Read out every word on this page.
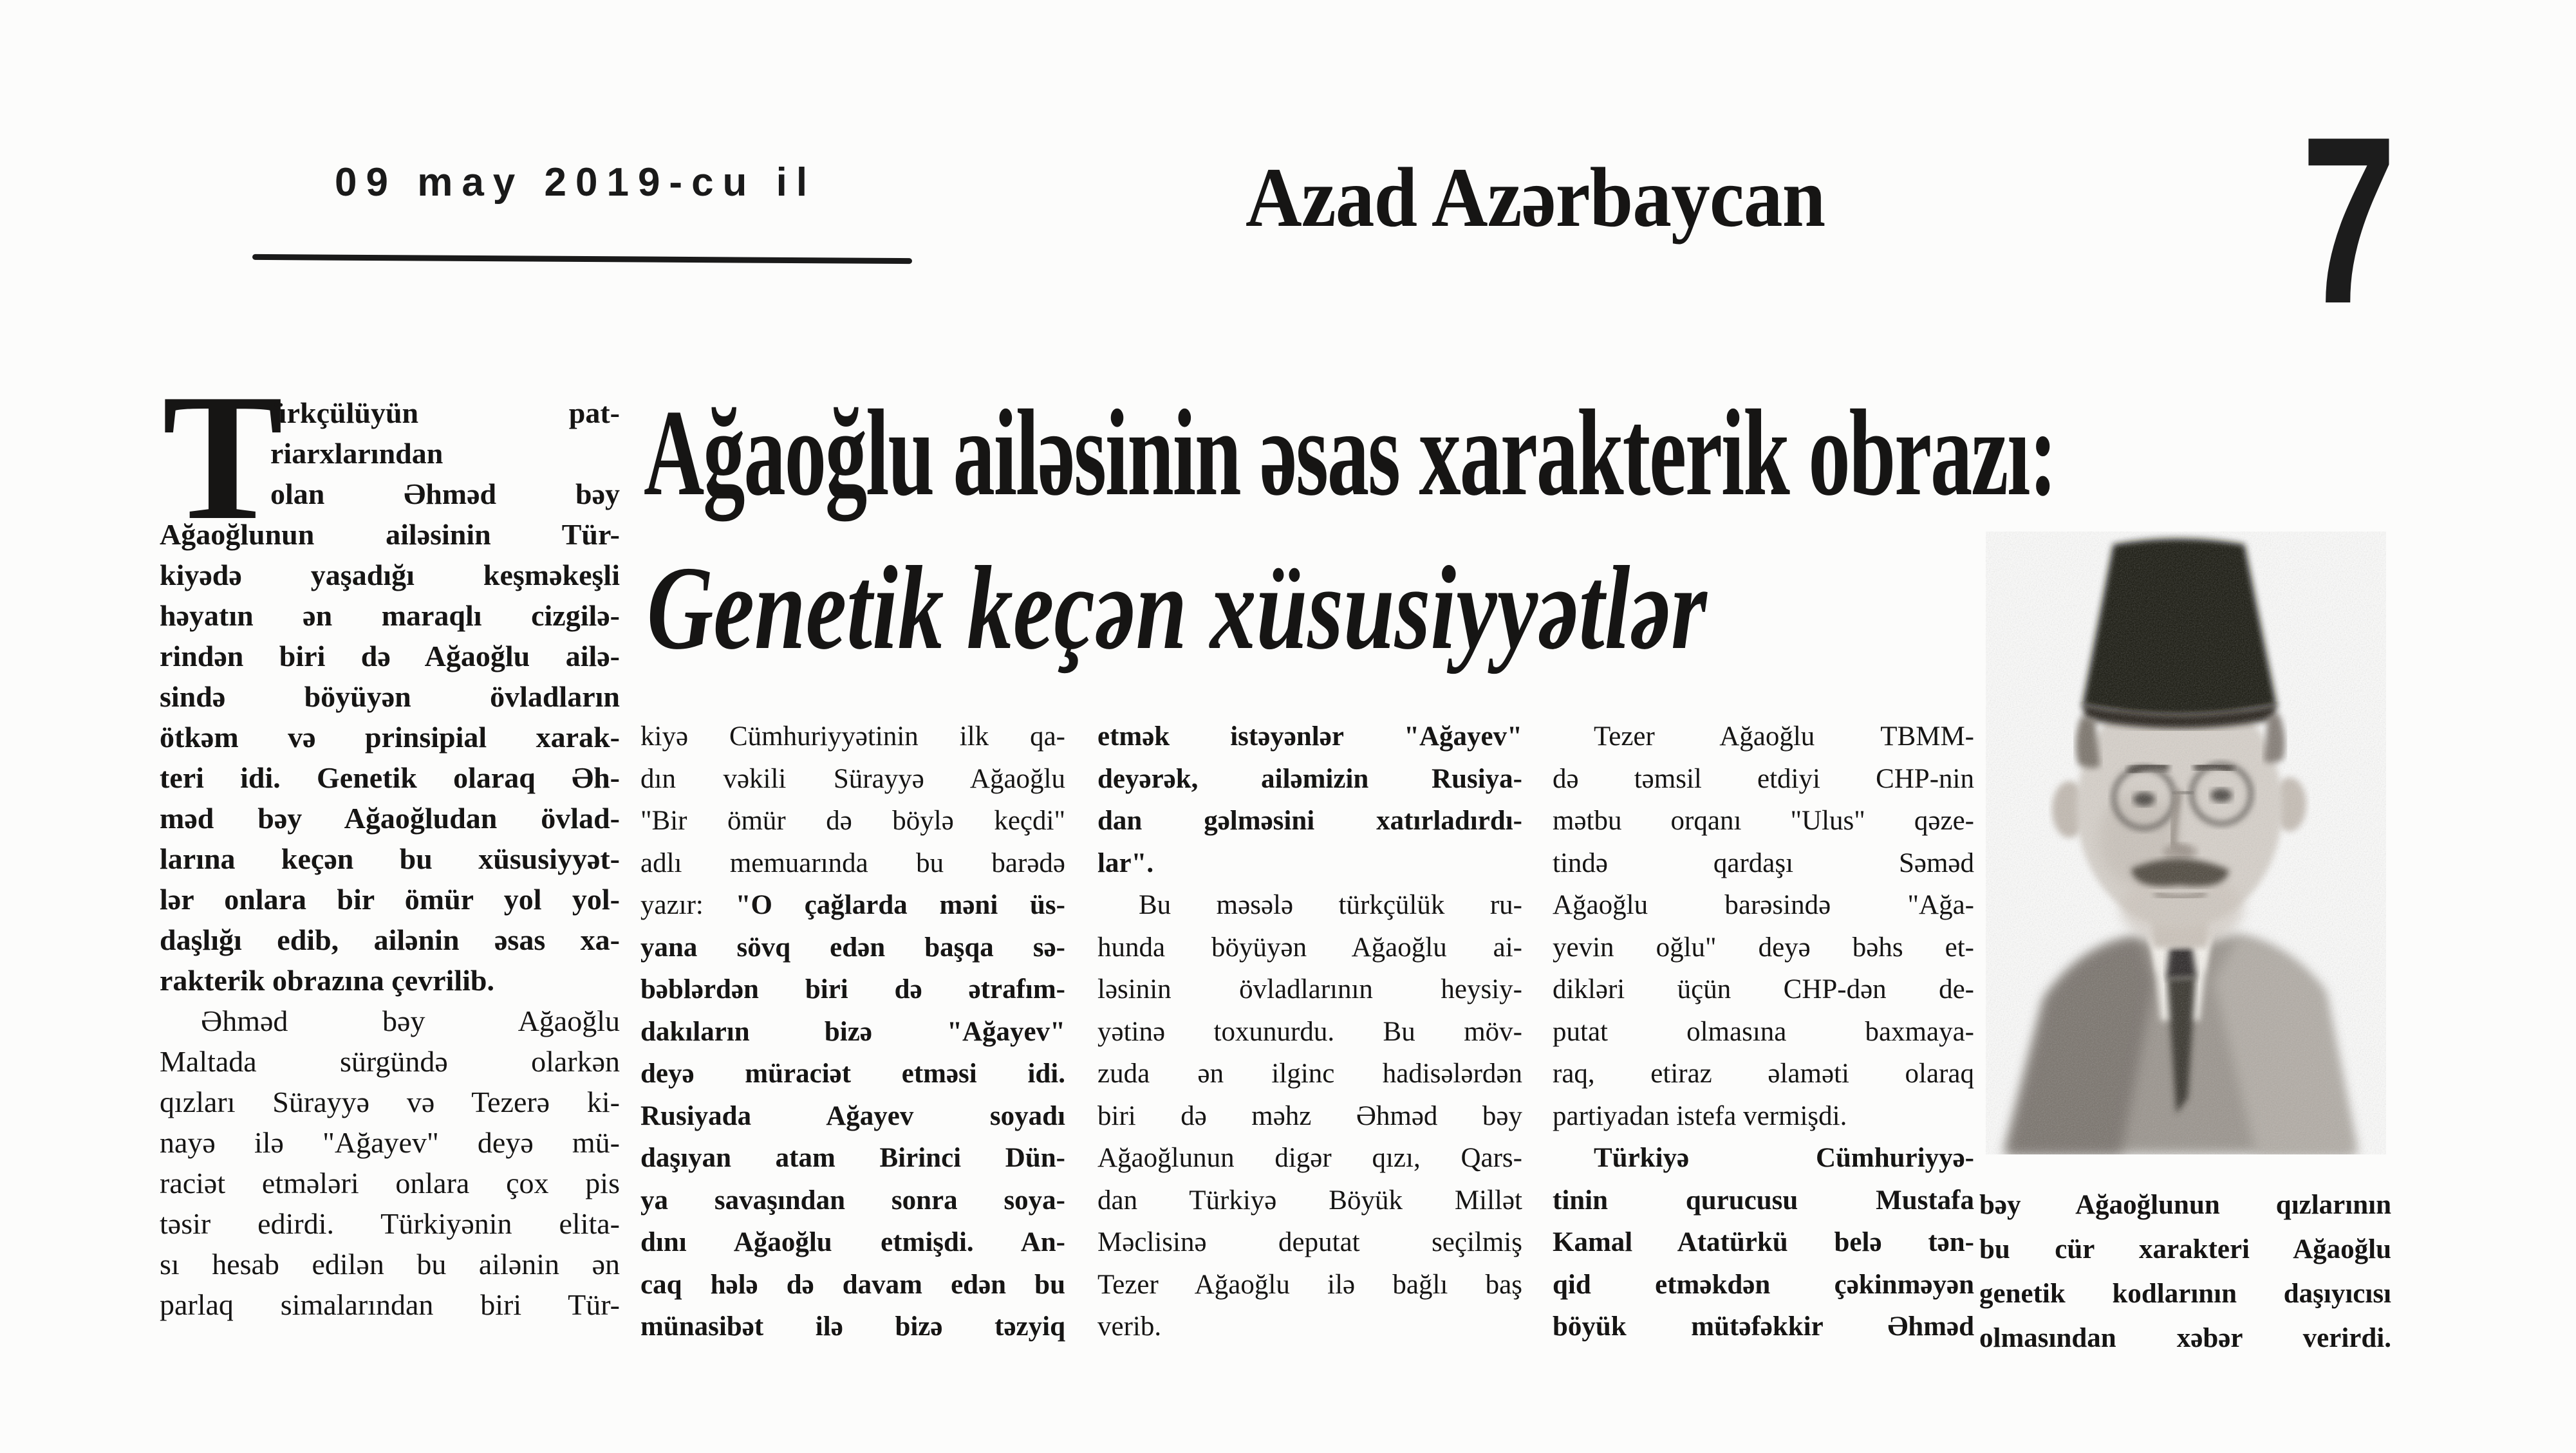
09 may 2019-cu il	Azad Azərbaycan 7
Ağaoğlu ailəsinin əsas xarakterik obrazı:
Genetik keçən xüsusiyyətlər
T
ürkçülüyün pat-
riarxlarından
olan Əhməd bəy
Ağaoğlunun ailəsinin Tür-
kiyədə yaşadığı keşməkeşli
həyatın ən maraqlı cizgilə-
rindən biri də Ağaoğlu ailə-
sində böyüyən övladların
ötkəm və prinsipial xarak-
teri idi. Genetik olaraq Əh-
məd bəy Ağaoğludan övlad-
larına keçən bu xüsusiyyət-
lər onlara bir ömür yol yol-
daşlığı edib, ailənin əsas xa-
rakterik obrazına çevrilib.
Əhməd bəy Ağaoğlu
Maltada sürgündə olarkən
qızları Sürayyə və Tezerə ki-
nayə ilə "Ağayev" deyə mü-
raciət etmələri onlara çox pis
təsir edirdi. Türkiyənin elita-
sı hesab edilən bu ailənin ən
parlaq simalarından biri Tür-
kiyə Cümhuriyyətinin ilk qa-
dın vəkili Sürayyə Ağaoğlu
"Bir ömür də böylə keçdi"
adlı memuarında bu barədə
yazır: "O çağlarda məni üs-
yana sövq edən başqa sə-
bəblərdən biri də ətrafım-
dakıların bizə "Ağayev"
deyə müraciət etməsi idi.
Rusiyada Ağayev soyadı
daşıyan atam Birinci Dün-
ya savaşından sonra soya-
dını Ağaoğlu etmişdi. An-
caq hələ də davam edən bu
münasibət ilə bizə təzyiq
etmək istəyənlər "Ağayev"
deyərək, ailəmizin Rusiya-
dan gəlməsini xatırladırdı-
lar".
Bu məsələ türkçülük ru-
hunda böyüyən Ağaoğlu ai-
ləsinin övladlarının heysiy-
yətinə toxunurdu. Bu möv-
zuda ən ilginc hadisələrdən
biri də məhz Əhməd bəy
Ağaoğlunun digər qızı, Qars-
dan Türkiyə Böyük Millət
Məclisinə deputat seçilmiş
Tezer Ağaoğlu ilə bağlı baş
verib.
Tezer Ağaoğlu TBMM-
də təmsil etdiyi CHP-nin
mətbu orqanı "Ulus" qəze-
tində qardaşı Səməd
Ağaoğlu barəsində "Ağa-
yevin oğlu" deyə bəhs et-
dikləri üçün CHP-dən de-
putat olmasına baxmaya-
raq, etiraz əlaməti olaraq
partiyadan istefa vermişdi.
Türkiyə Cümhuriyyə-
tinin qurucusu Mustafa
Kamal Atatürkü belə tən-
qid etməkdən çəkinməyən
böyük mütəfəkkir Əhməd
bəy Ağaoğlunun qızlarının
bu cür xarakteri Ağaoğlu
genetik kodlarının daşıyıcısı
olmasından xəbər verirdi.
